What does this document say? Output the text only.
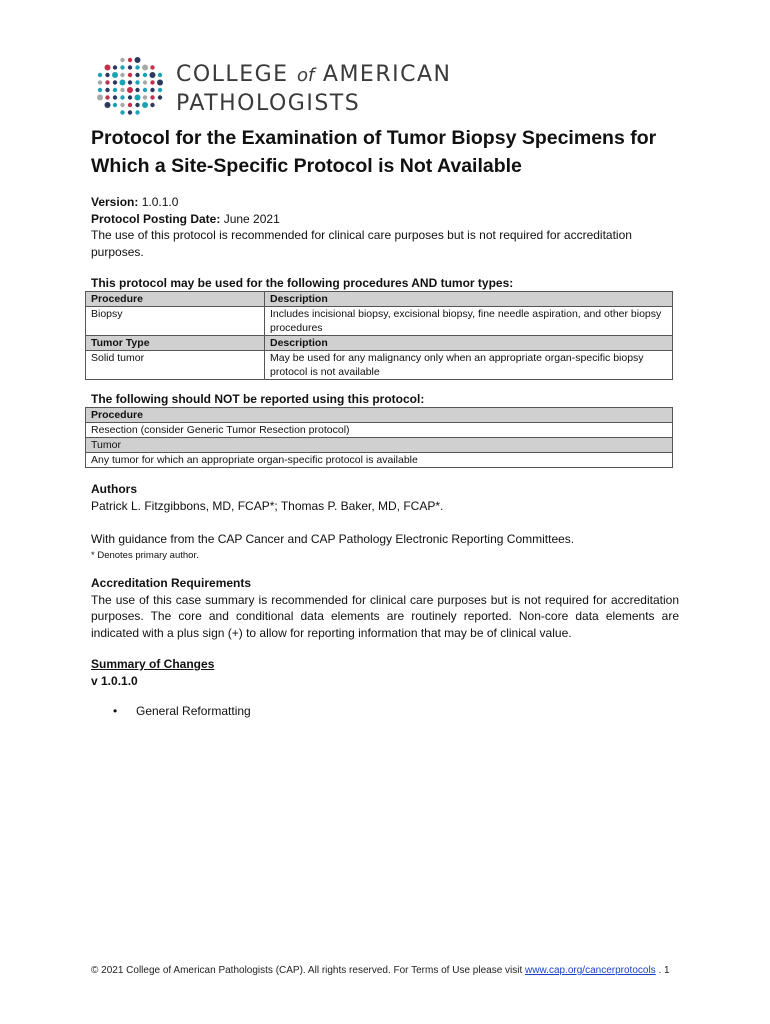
COLLEGE of AMERICAN
PATHOLOGISTS
Protocol for the Examination of Tumor Biopsy Specimens for Which a Site-Specific Protocol is Not Available
Version: 1.0.1.0
Protocol Posting Date: June 2021
The use of this protocol is recommended for clinical care purposes but is not required for accreditation purposes.
This protocol may be used for the following procedures AND tumor types:
Procedure	Description
Biopsy	Includes incisional biopsy, excisional biopsy, fine needle aspiration, and other biopsy procedures
Tumor Type	Description
Solid tumor	May be used for any malignancy only when an appropriate organ-specific biopsy protocol is not available
The following should NOT be reported using this protocol:
Procedure
Resection (consider Generic Tumor Resection protocol)
Tumor
Any tumor for which an appropriate organ-specific protocol is available
Authors
Patrick L. Fitzgibbons, MD, FCAP*; Thomas P. Baker, MD, FCAP*.
With guidance from the CAP Cancer and CAP Pathology Electronic Reporting Committees.
* Denotes primary author.
Accreditation Requirements
The use of this case summary is recommended for clinical care purposes but is not required for accreditation purposes. The core and conditional data elements are routinely reported. Non-core data elements are indicated with a plus sign (+) to allow for reporting information that may be of clinical value.
Summary of Changes
v 1.0.1.0
• General Reformatting
© 2021 College of American Pathologists (CAP). All rights reserved. For Terms of Use please visit www.cap.org/cancerprotocols . 1
